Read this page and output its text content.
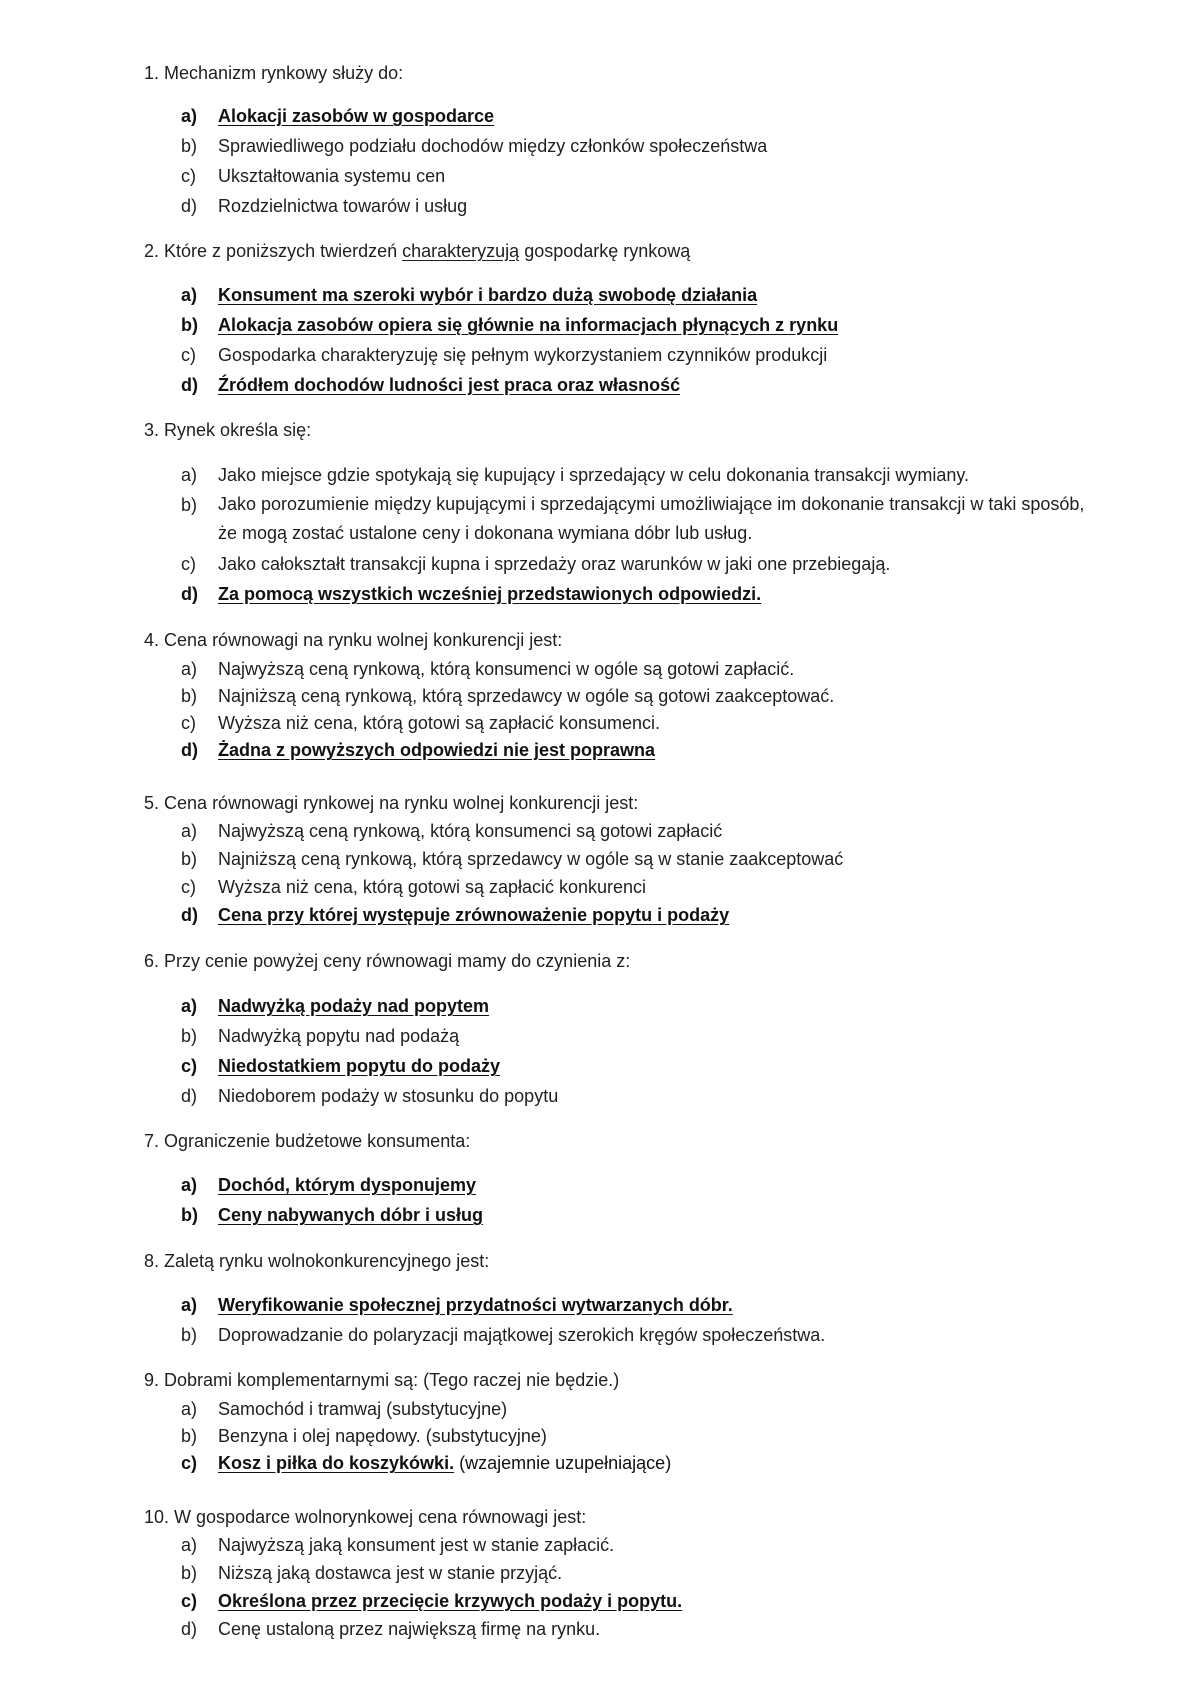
1. Mechanizm rynkowy służy do:
a)	Alokacji zasobów w gospodarce
b)	Sprawiedliwego podziału dochodów między członków społeczeństwa
c)	Ukształtowania systemu cen
d)	Rozdzielnictwa towarów i usług
2. Które z poniższych twierdzeń charakteryzują gospodarkę rynkową
a)	Konsument ma szeroki wybór i bardzo dużą swobodę działania
b)	Alokacja zasobów opiera się głównie na informacjach płynących z rynku
c)	Gospodarka charakteryzuję się pełnym wykorzystaniem czynników produkcji
d)	Źródłem dochodów ludności jest praca oraz własność
3. Rynek określa się:
a)	Jako miejsce gdzie spotykają się kupujący i sprzedający w celu dokonania transakcji wymiany.
b)	Jako porozumienie między kupującymi i sprzedającymi umożliwiające im dokonanie transakcji w taki sposób, że mogą zostać ustalone ceny i dokonana wymiana dóbr lub usług.
c)	Jako całokształt transakcji kupna i sprzedaży oraz warunków w jaki one przebiegają.
d)	Za pomocą wszystkich wcześniej przedstawionych odpowiedzi.
4. Cena równowagi na rynku wolnej konkurencji jest:
a)	Najwyższą ceną rynkową, którą konsumenci w ogóle są gotowi zapłacić.
b)	Najniższą ceną rynkową, którą sprzedawcy w ogóle są gotowi zaakceptować.
c)	Wyższa niż cena, którą gotowi są zapłacić konsumenci.
d)	Żadna z powyższych odpowiedzi nie jest poprawna
5. Cena równowagi rynkowej na rynku wolnej konkurencji jest:
a)	Najwyższą ceną rynkową, którą konsumenci są gotowi zapłacić
b)	Najniższą ceną rynkową, którą sprzedawcy w ogóle są w stanie zaakceptować
c)	Wyższa niż cena, którą gotowi są zapłacić konkurenci
d)	Cena przy której występuje zrównoważenie popytu i podaży
6. Przy cenie powyżej ceny równowagi mamy do czynienia z:
a)	Nadwyżką podaży nad popytem
b)	Nadwyżką popytu nad podażą
c)	Niedostatkiem popytu do podaży
d)	Niedoborem podaży w stosunku do popytu
7. Ograniczenie budżetowe konsumenta:
a)	Dochód, którym dysponujemy
b)	Ceny nabywanych dóbr i usług
8. Zaletą rynku wolnokonkurencyjnego jest:
a)	Weryfikowanie społecznej przydatności wytwarzanych dóbr.
b)	Doprowadzanie do polaryzacji majątkowej szerokich kręgów społeczeństwa.
9. Dobrami komplementarnymi są: (Tego raczej nie będzie.)
a)	Samochód i tramwaj (substytucyjne)
b)	Benzyna i olej napędowy. (substytucyjne)
c)	Kosz i piłka do koszykówki. (wzajemnie uzupełniające)
10. W gospodarce wolnorynkowej cena równowagi jest:
a)	Najwyższą jaką konsument jest w stanie zapłacić.
b)	Niższą jaką dostawca jest w stanie przyjąć.
c)	Określona przez przecięcie krzywych podaży i popytu.
d)	Cenę ustaloną przez największą firmę na rynku.
